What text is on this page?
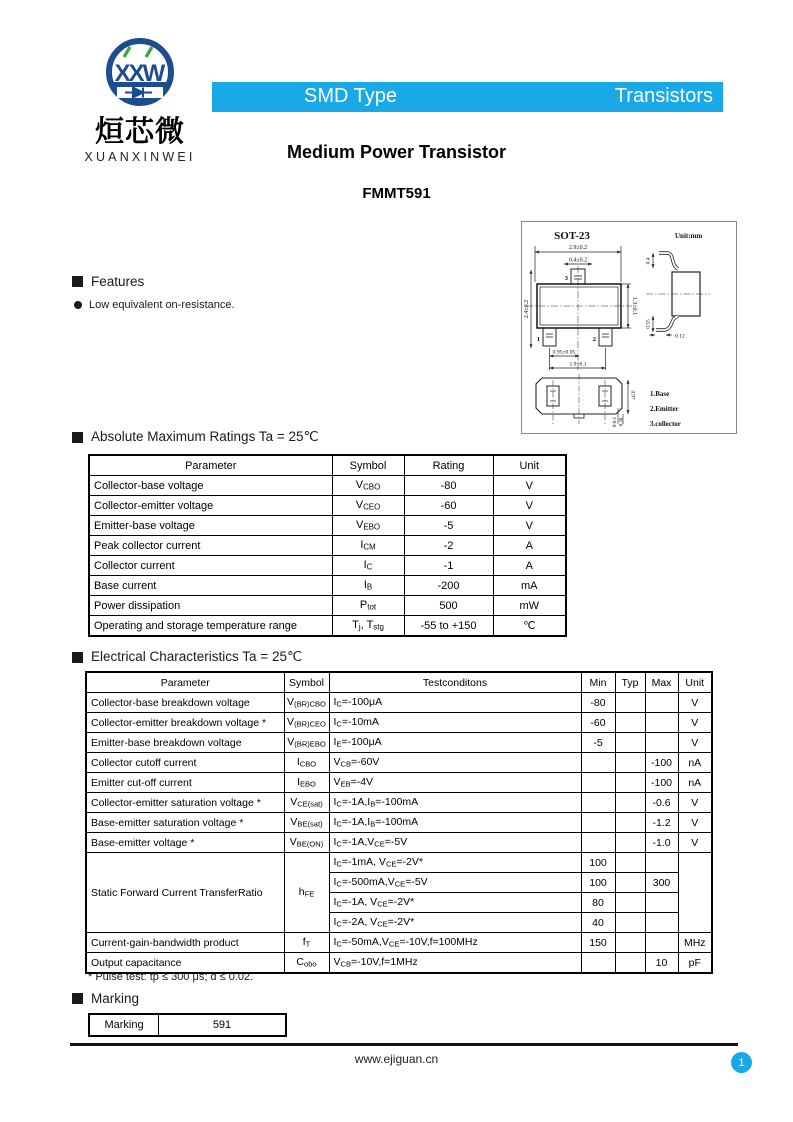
XXW
烜芯微
XUANXINWEI
SMD Type	Transistors
Medium Power Transistor
FMMT591
SOT-23	Unit:mm
2.9±0.2
0.4±0.2
2.4±0.2	1.3±0.1
0.95±0.05
1.9±0.1
3
1	2
0.4
0.55
0.12
0.97
0-0.1 0.38
1.Base
2.Emitter
3.collector
Features
Low equivalent on-resistance.
Absolute Maximum Ratings Ta = 25℃
Parameter	Symbol	Rating	Unit
Collector-base voltage	$V_{CBO}$	-80	V
Collector-emitter voltage	$V_{CEO}$	-60	V
Emitter-base voltage	$V_{EBO}$	-5	V
Peak collector current	$I_{CM}$	-2	A
Collector current	$I_C$	-1	A
Base current	$I_B$	-200	mA
Power dissipation	$P_{tot}$	500	mW
Operating and storage temperature range	$T_j$, $T_{stg}$	-55 to +150	℃
Electrical Characteristics Ta = 25℃
Parameter	Symbol	Testconditons	Min	Typ	Max	Unit
Collector-base breakdown voltage	$V_{(BR)CBO}$	$I_C=-100\mu A$	-80			V
Collector-emitter breakdown voltage *	$V_{(BR)CEO}$	$I_C=-10mA$	-60			V
Emitter-base breakdown voltage	$V_{(BR)EBO}$	$I_E=-100\mu A$	-5			V
Collector cutoff current	$I_{CBO}$	$V_{CB}=-60V$			-100	nA
Emitter cut-off current	$I_{EBO}$	$V_{EB}=-4V$			-100	nA
Collector-emitter saturation voltage *	$V_{CE(sat)}$	$I_C=-1A,I_B=-100mA$			-0.6	V
Base-emitter saturation voltage *	$V_{BE(sat)}$	$I_C=-1A,I_B=-100mA$			-1.2	V
Base-emitter voltage *	$V_{BE(ON)}$	$I_C=-1A,V_{CE}=-5V$			-1.0	V
Static Forward Current TransferRatio	$h_{FE}$	$I_C=-1mA$, $V_{CE}=-2V*$	100			
		$I_C=-500mA,V_{CE}=-5V$	100		300	
		$I_C=-1A$, $V_{CE}=-2V*$	80			
		$I_C=-2A$, $V_{CE}=-2V*$	40			
Current-gain-bandwidth product	$f_T$	$I_C=-50mA,V_{CE}=-10V,f=100MHz$	150			MHz
Output capacitance	$C_{obo}$	$V_{CB}=-10V,f=1MHz$			10	pF
* Pulse test: tp ≤ 300 μs; d ≤ 0.02.
Marking
Marking	591
www.ejiguan.cn	1
